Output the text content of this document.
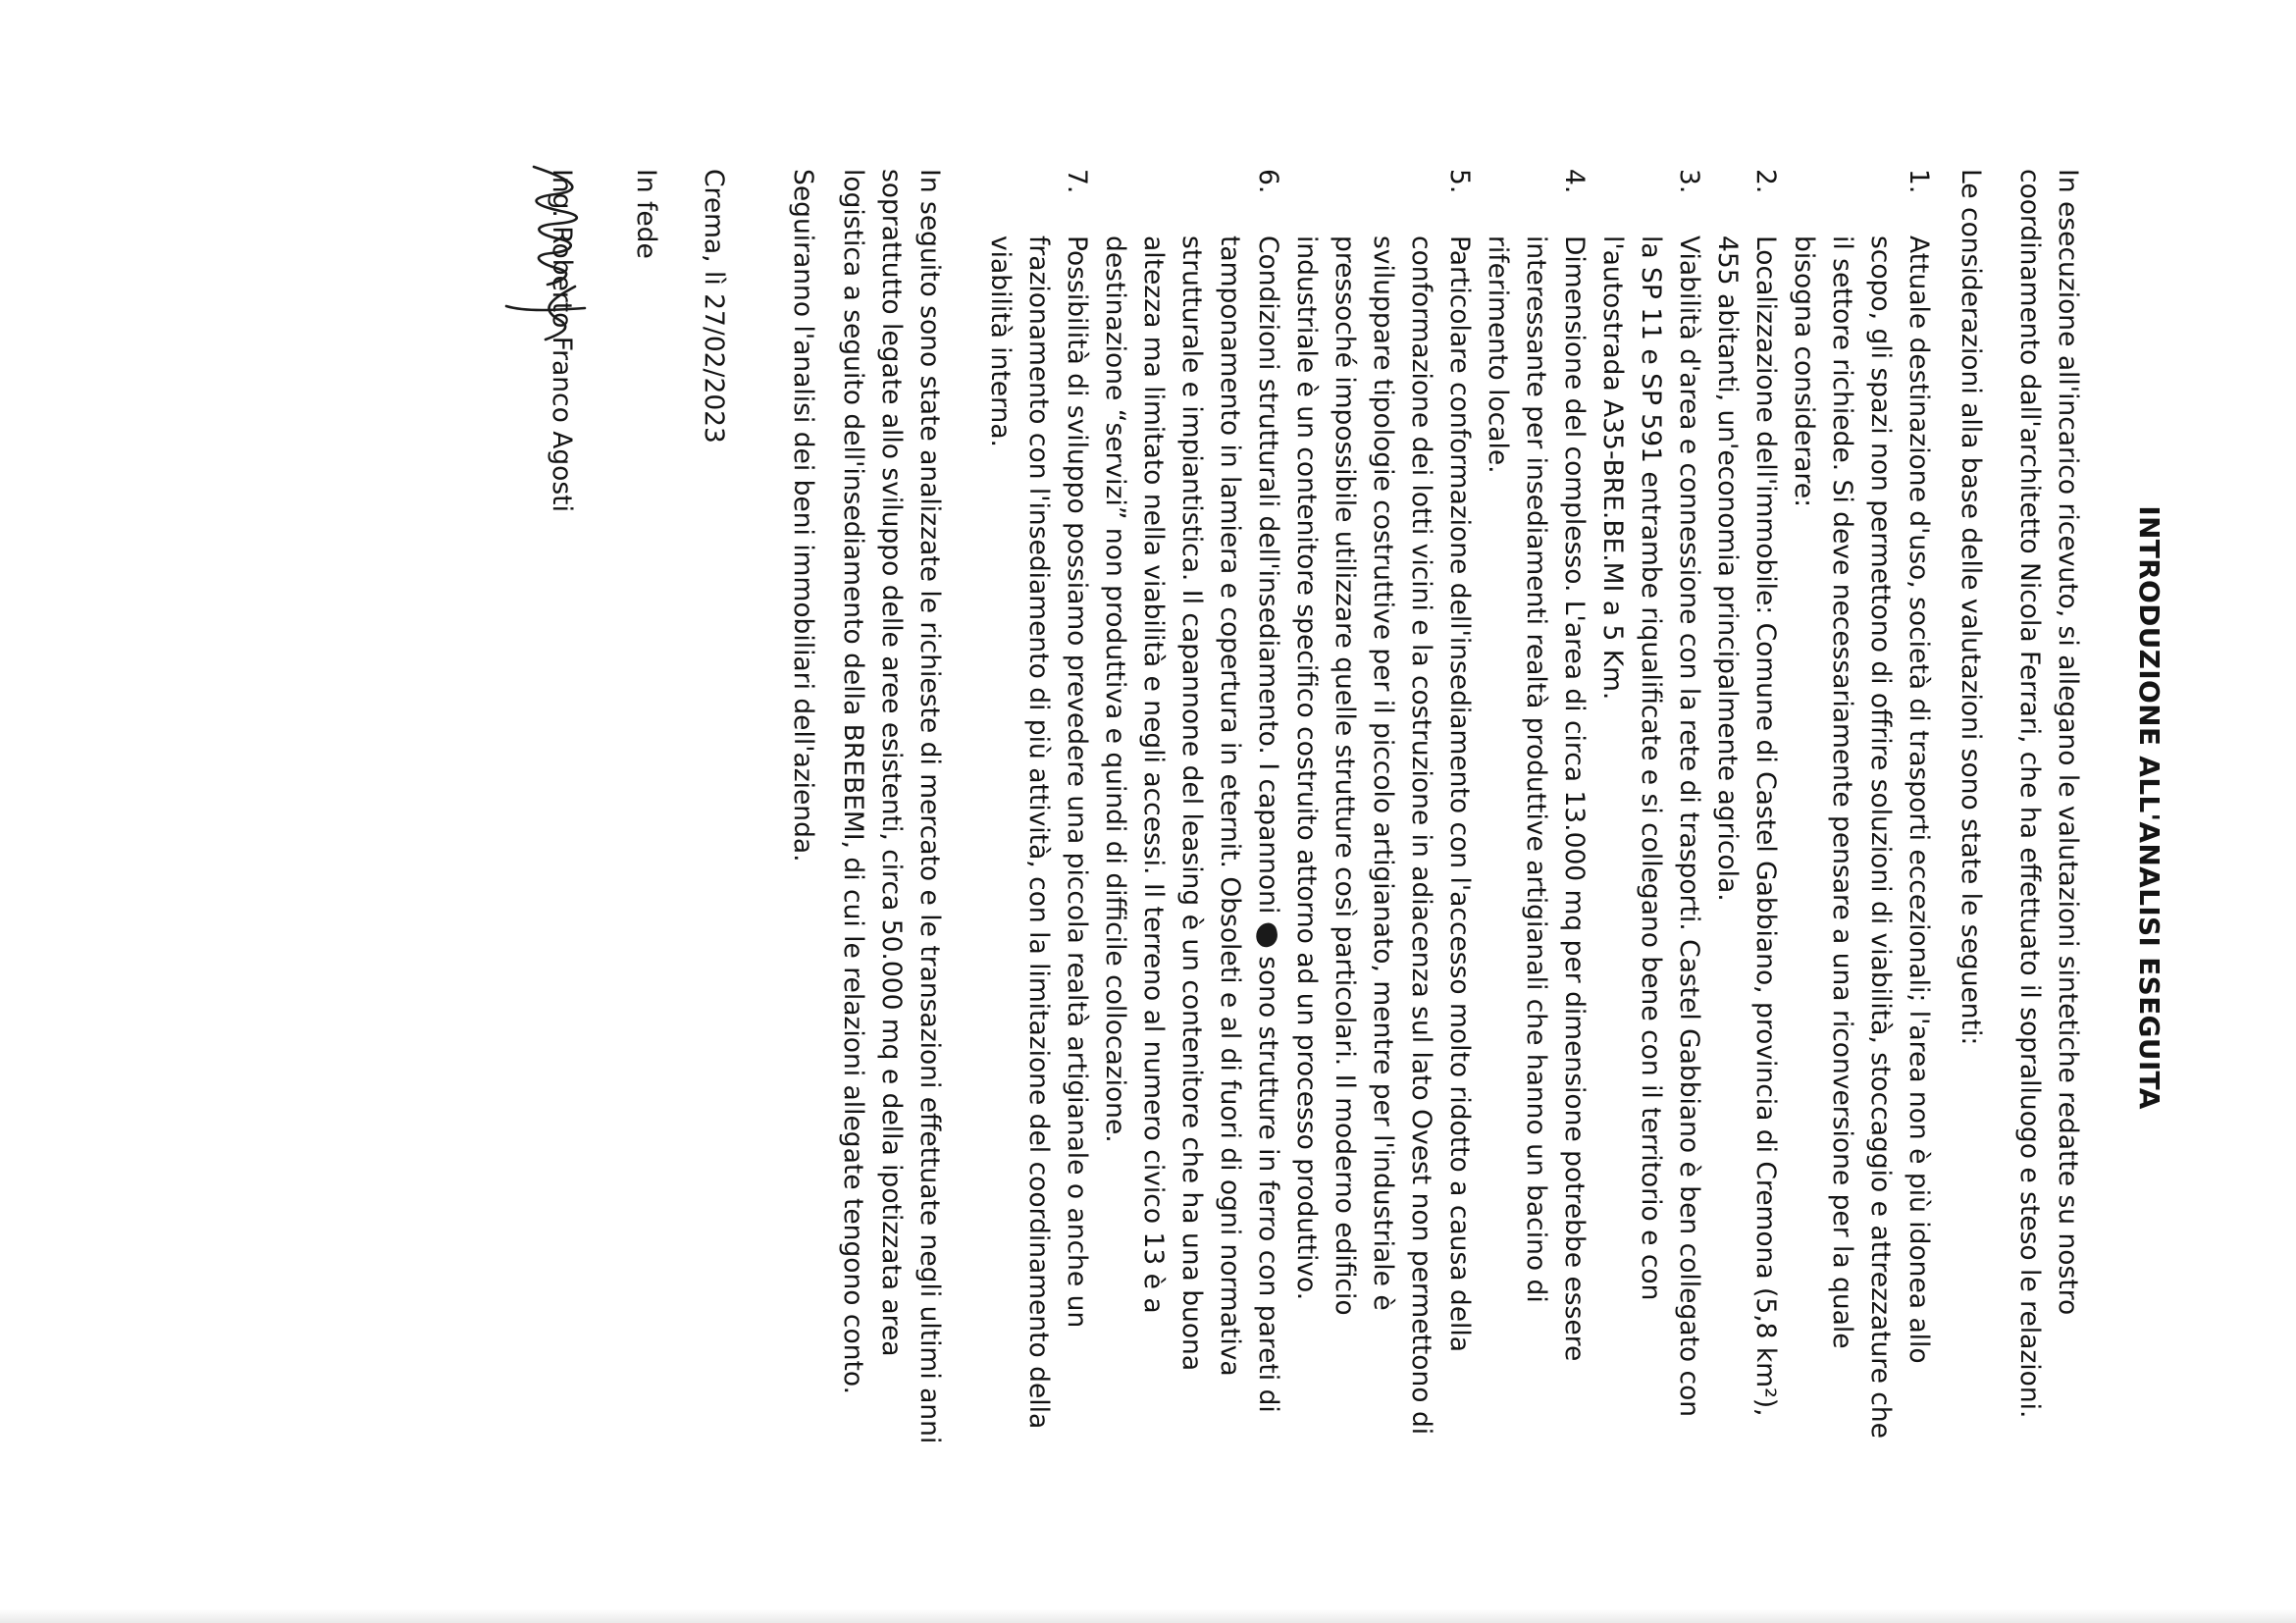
INTRODUZIONE ALL'ANALISI ESEGUITA

In esecuzione all'incarico ricevuto, si allegano le valutazioni sintetiche redatte su nostro coordinamento dall'architetto Nicola Ferrari, che ha effettuato il sopralluogo e steso le relazioni.

Le considerazioni alla base delle valutazioni sono state le seguenti:

1.
Attuale destinazione d'uso, società di trasporti eccezionali; l'area non è più idonea allo scopo, gli spazi non permettono di offrire soluzioni di viabilità, stoccaggio e attrezzature che il settore richiede. Si deve necessariamente pensare a una riconversione per la quale bisogna considerare:
2.
Localizzazione dell'immobile: Comune di Castel Gabbiano, provincia di Cremona (5,8 km²), 455 abitanti, un'economia principalmente agricola.
3.
Viabilità d'area e connessione con la rete di trasporti. Castel Gabbiano è ben collegato con la SP 11 e SP 591 entrambe riqualificate e si collegano bene con il territorio e con l'autostrada A35-BRE.BE.MI a 5 Km.
4.
Dimensione del complesso. L'area di circa 13.000 mq per dimensione potrebbe essere interessante per insediamenti realtà produttive artigianali che hanno un bacino di riferimento locale.
5.
Particolare conformazione dell'insediamento con l'accesso molto ridotto a causa della conformazione dei lotti vicini e la costruzione in adiacenza sul lato Ovest non permettono di sviluppare tipologie costruttive per il piccolo artigianato, mentre per l'industriale è pressoché impossibile utilizzare quelle strutture così particolari. Il moderno edificio industriale è un contenitore specifico costruito attorno ad un processo produttivo.
6.
Condizioni strutturali dell'insediamento. I capannoni  sono strutture in ferro con pareti di tamponamento in lamiera e copertura in eternit. Obsoleti e al di fuori di ogni normativa strutturale e impiantistica. Il capannone del leasing è un contenitore che ha una buona altezza ma limitato nella viabilità e negli accessi. Il terreno al numero civico 13 è a destinazione “servizi” non produttiva e quindi di difficile collocazione.
7.
Possibilità di sviluppo possiamo prevedere una piccola realtà artigianale o anche un frazionamento con l'insediamento di più attività, con la limitazione del coordinamento della viabilità interna.

In seguito sono state analizzate le richieste di mercato e le transazioni effettuate negli ultimi anni soprattutto legate allo sviluppo delle aree esistenti, circa 50.000 mq e della ipotizzata area logistica a seguito dell'insediamento della BREBEMI, di cui le relazioni allegate tengono conto.

Seguiranno l'analisi dei beni immobiliari dell'azienda.

Crema, lì 27/02/2023
In fede
Ing. Roberto Franco Agosti
